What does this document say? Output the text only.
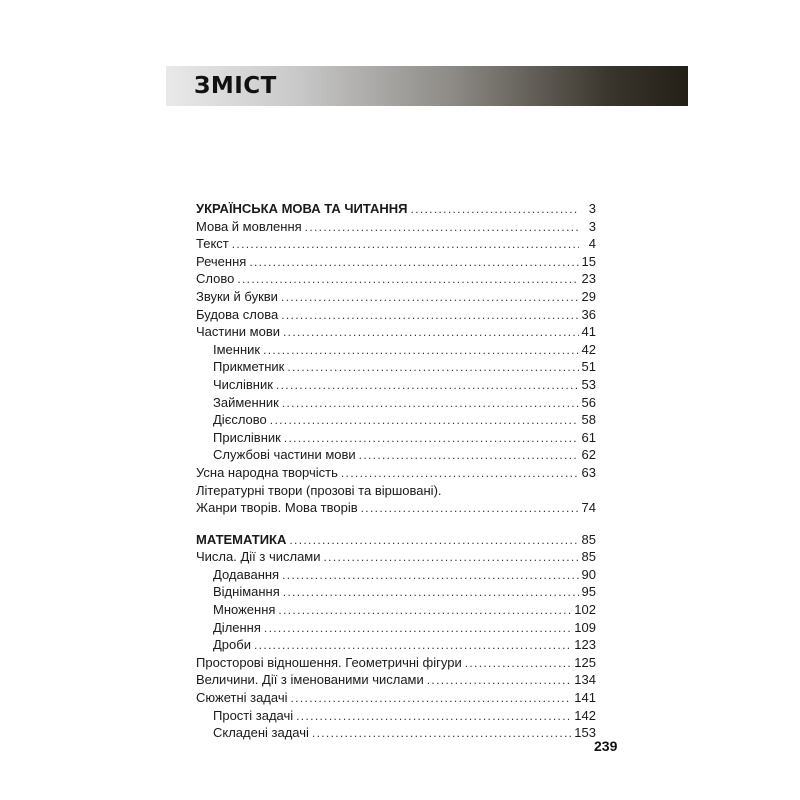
ЗМІСТ
УКРАЇНСЬКА МОВА ТА ЧИТАННЯ . . .	3
Мова й мовлення . . .	3
Текст . . .	4
Речення . . .	15
Слово . . .	23
Звуки й букви . . .	29
Будова слова . . .	36
Частини мови . . .	41
Іменник . . .	42
Прикметник . . .	51
Числівник . . .	53
Займенник . . .	56
Дієслово . . .	58
Прислівник . . .	61
Службові частини мови . . .	62
Усна народна творчість . . .	63
Літературні твори (прозові та віршовані).
Жанри творів. Мова творів . . .	74
МАТЕМАТИКА . . .	85
Числа. Дії з числами . . .	85
Додавання . . .	90
Віднімання . . .	95
Множення . . .	102
Ділення . . .	109
Дроби . . .	123
Просторові відношення. Геометричні фігури . . .	125
Величини. Дії з іменованими числами . . .	134
Сюжетні задачі . . .	141
Прості задачі . . .	142
Складені задачі . . .	153
239
